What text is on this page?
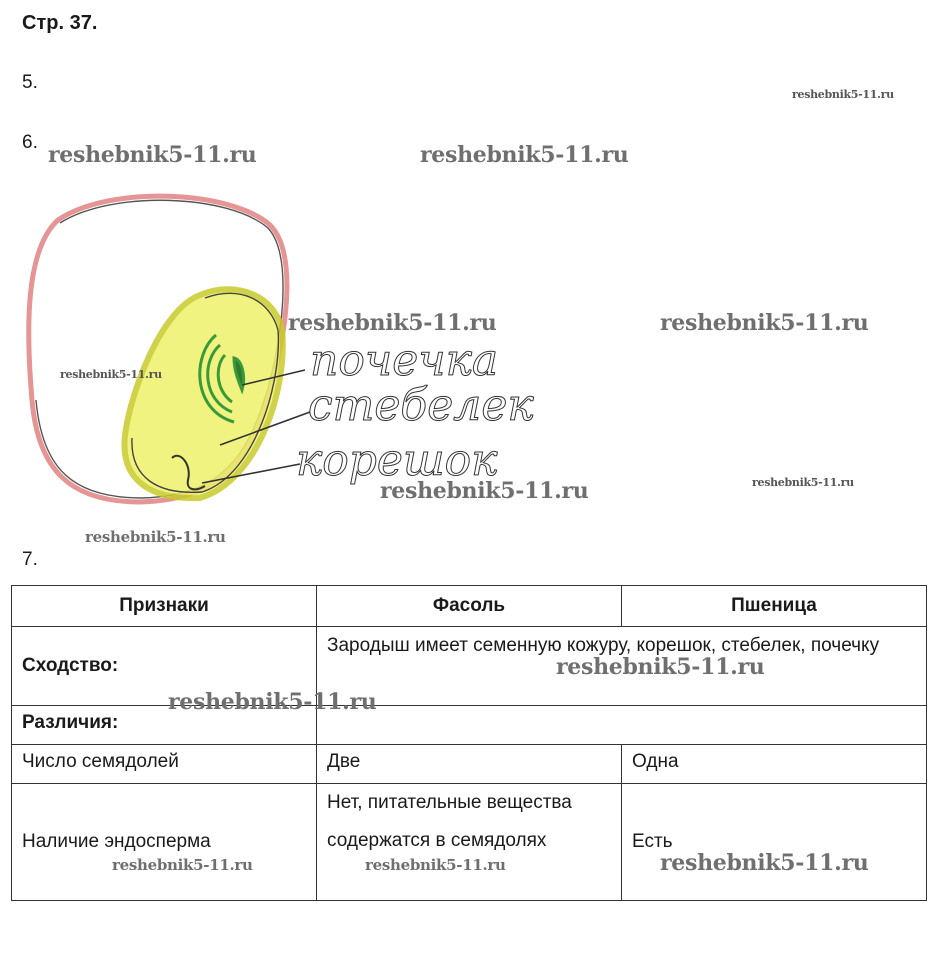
Стр. 37.
5.
6.
7.
почечка
стебелек
корешок
Признаки	Фасоль	Пшеница
Сходство:	Зародыш имеет семенную кожуру, корешок, стебелек, почечку	
Различия:		
Число семядолей	Две	Одна
Наличие эндосперма	Нет, питательные вещества содержатся в семядолях	Есть
reshebnik5-11.ru
reshebnik5-11.ru	reshebnik5-11.ru
reshebnik5-11.ru	reshebnik5-11.ru
reshebnik5-11.ru
reshebnik5-11.ru	reshebnik5-11.ru
reshebnik5-11.ru
reshebnik5-11.ru
reshebnik5-11.ru
reshebnik5-11.ru	reshebnik5-11.ru	reshebnik5-11.ru
